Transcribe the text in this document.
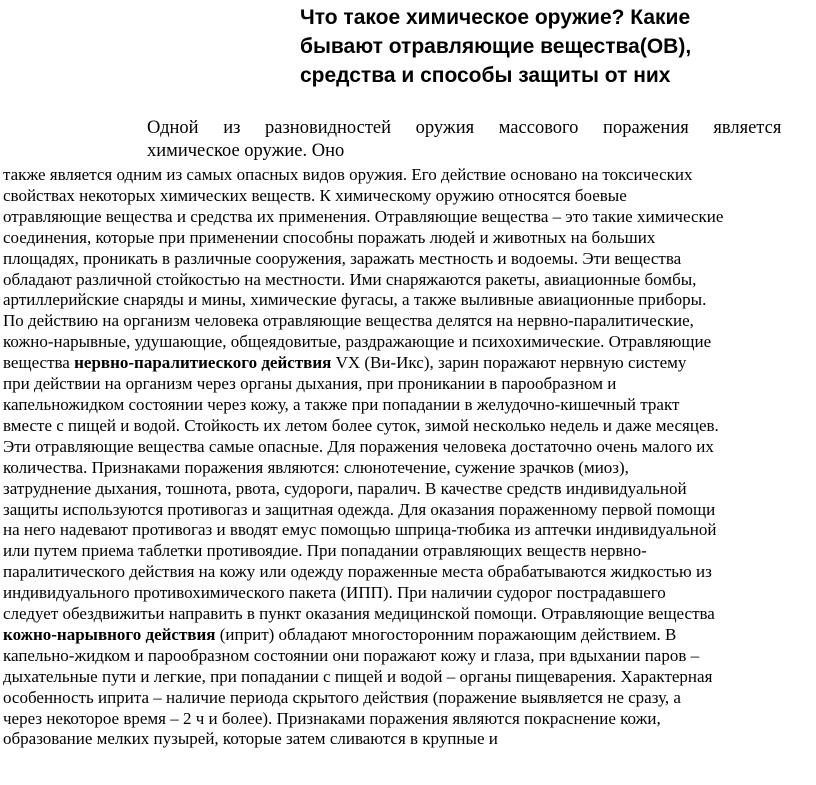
Что такое химическое оружие? Какие
бывают отравляющие вещества(ОВ),
средства и способы защиты от них
Одной из разновидностей оружия массового поражения является
химическое оружие. Оно
также является одним из самых опасных видов оружия. Его действие основано на токсических
свойствах некоторых химических веществ. К химическому оружию относятся боевые
отравляющие вещества и средства их применения. Отравляющие вещества – это такие химические
соединения, которые при применении способны поражать людей и животных на больших
площадях, проникать в различные сооружения, заражать местность и водоемы. Эти вещества
обладают различной стойкостью на местности. Ими снаряжаются ракеты, авиационные бомбы,
артиллерийские снаряды и мины, химические фугасы, а также выливные авиационные приборы.
По действию на организм человека отравляющие вещества делятся на нервно-паралитические,
кожно-нарывные, удушающие, общеядовитые, раздражающие и психохимические. Отравляющие
вещества нервно-паралитиеского действия VX (Ви-Икс), зарин поражают нервную систему
при действии на организм через органы дыхания, при проникании в парообразном и
капельножидком состоянии через кожу, а также при попадании в желудочно-кишечный тракт
вместе с пищей и водой. Стойкость их летом более суток, зимой несколько недель и даже месяцев.
Эти отравляющие вещества самые опасные. Для поражения человека достаточно очень малого их
количества. Признаками поражения являются: слюнотечение, сужение зрачков (миоз),
затруднение дыхания, тошнота, рвота, судороги, паралич. В качестве средств индивидуальной
защиты используются противогаз и защитная одежда. Для оказания пораженному первой помощи
на него надевают противогаз и вводят емус помощью шприца-тюбика из аптечки индивидуальной
или путем приема таблетки противоядие. При попадании отравляющих веществ нервно-
паралитического действия на кожу или одежду пораженные места обрабатываются жидкостью из
индивидуального противохимического пакета (ИПП). При наличии судорог пострадавшего
следует обездвижитьи направить в пункт оказания медицинской помощи. Отравляющие вещества
кожно-нарывного действия (иприт) обладают многосторонним поражающим действием. В
капельно-жидком и парообразном состоянии они поражают кожу и глаза, при вдыхании паров –
дыхательные пути и легкие, при попадании с пищей и водой – органы пищеварения. Характерная
особенность иприта – наличие периода скрытого действия (поражение выявляется не сразу, а
через некоторое время – 2 ч и более). Признаками поражения являются покраснение кожи,
образование мелких пузырей, которые затем сливаются в крупные и
